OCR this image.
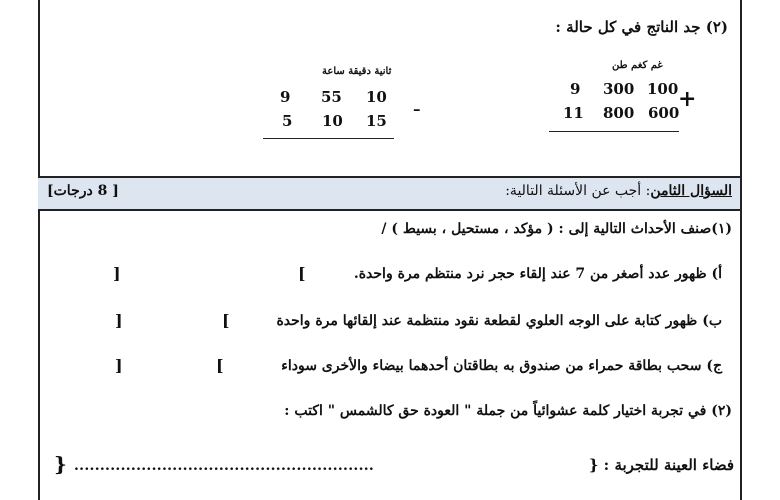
(٢) جد الناتج في كل حالة :
غم كغم طن
9 300 100 +
11 800 600
ثانية دقيقة ساعة
9 55 10
–
5 10 15
السؤال الثامن: أجب عن الأسئلة التالية:
[ 8 درجات]
(١)صنف الأحداث التالية إلى : ( مؤكد ، مستحيل ، بسيط ) /
أ) ظهور عدد أصغر من 7 عند إلقاء حجر نرد منتظم مرة واحدة.
[
]
ب) ظهور كتابة على الوجه العلوي لقطعة نقود منتظمة عند إلقائها مرة واحدة
[
]
ج) سحب بطاقة حمراء من صندوق به بطاقتان أحدهما بيضاء والأخرى سوداء
[
]
(٢) في تجربة اختيار كلمة عشوائياً من جملة " العودة حق كالشمس " اكتب :
فضاء العينة للتجربة : {
..........................................................
}
